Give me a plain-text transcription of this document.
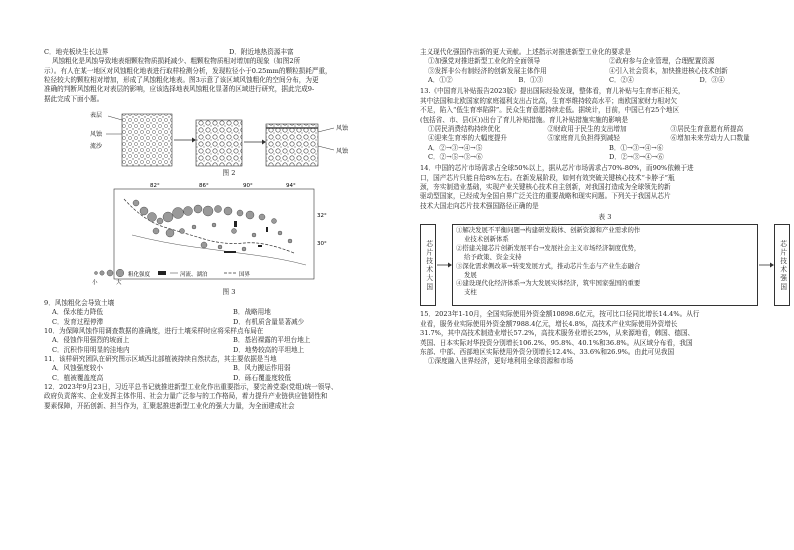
C．地壳板块生长边界	D．附近地热资源丰富
风蚀粗化是风蚀导致地表细颗粒物质损耗减少、粗颗粒物质相对增加的现象（如图2所
示）。有人在某一地区对风蚀粗化地表进行取样检测分析，发现粒径小于0.25mm的颗粒损耗严重，
粒径较大的颗粒相对增加，形成了风蚀粗化地表。图3示意了该区域风蚀粗化的空间分布，为更
准确的判断风蚀粗化对表层的影响，应该选择地表风蚀粗化显著的区域进行研究，据此完成9-
据此完成下面小题。
表层
风蚀
流沙
风蚀
风蚀
图 2
82°	86°	90°	94°
32°
30°
小	大
粗化强度	河流、湖泊	国界
图 3
9．风蚀粗化会导致土壤
A．保水能力降低	B．战略用地
C．发育过程停滞	D．有机质含量显著减少
10．为保障风蚀作用调查数据的准确度，进行土壤采样时应将采样点布局在
A．侵蚀作用强烈的坡面上	B．基岩裸露的平坦台地上
C．沉积作用明显的洼地内	D．地势较高的平坦地上
11．该样研究团队在研究图示区域西北部植被持续自然状态，其主要依据是当地
A．风蚀强度较小	B．风力搬运作用弱
C．植被覆盖度高	D．砾石覆盖度较低
12．2023年9月23日，习近平总书记就推进新型工业化作出重要指示，要完善党委(党组)统一领导、
政府负责落实、企业发挥主体作用、社会力量广泛参与的工作格局，着力提升产业链供应链韧性和
要素保障，开拓创新、担当作为，汇聚起推进新型工业化的强大力量，为全面建成社会
主义现代化强国作出新的更大贡献。上述指示对推进新型工业化的要求是
①加强党对推进新型工业化的全面领导	②政府参与企业管理，合理配置资源
③发挥非公有制经济的创新发展主体作用	④引入社会资本，加快推进核心技术创新
A．①②	B．①③	C．②④	D．③④
13.《中国育儿补贴报告2023版》提出国际经验发现，整体看，育儿补贴与生育率正相关，
其中法国和北欧国家的家庭福利支出占比高，生育率维持较高水平；南欧国家财力相对欠
不足，陷入“低生育率陷阱”。民众生育意愿持续走低。据统计，目前，中国已有25个地区
(包括省、市、县(区))出台了育儿补贴措施。育儿补贴措施实施的影响是
①居民消费结构持续优化	②财政用于民生的支出增加	③居民生育意愿有所提高
④迎来生育率的大幅度提升	⑤家庭育儿负担得到减轻	⑥增加未来劳动力人口数量
A．②→③→④→⑤	B．①→③→④→⑥
C．②→⑤→③→⑥	D．②→③→④→⑥
14．中国的芯片市场需求占全球50%以上，据从芯片市场需求占70%-80%，而90%依赖于进
口，国产芯片只能自给8%左右。在新发展阶段，如何有效突破关键核心技术“卡脖子”瓶
颈，夯实制造业基础，实现产业关键核心技术自主创新，对我国打造成为全球领先的新
驱动型国家，已经成为全国自界广泛关注的重要战略和现实问题。下列关于我国从芯片
技术大国走向芯片技术强国路径正确的是
表 3
芯片技术大国
①解决发展不平衡问题→构建研发载体、创新资源和产业需求的作
业技术创新体系
②搭建关键芯片创新发展平台→发展社会主义市场经济制度优势，
给予政策、资金支持
③深化需求侧改革→转变发展方式，推动芯片生态与产业生态融合
发展
④建设现代化经济体系→为大发展实体经济，筑牢国家强国的重要
支柱
芯片技术强国
15．2023年1-10月，全国实际使用外资金额10898.6亿元，按可比口径同比增长14.4%。从行
业看，服务业实际使用外资金额7988.4亿元，增长4.8%，高技术产业实际使用外资增长
31.7%，其中高技术制造业增长57.2%，高技术服务业增长25%，从来源地看，韩国、德国、
英国、日本实际对华投资分别增长106.2%、95.8%、40.1%和36.8%。从区域分布看，我国
东部、中部、西部地区实际使用外资分别增长12.4%、33.6%和26.9%。由此可见我国
①深度融入世界经济，更好地利用全球资源和市场
